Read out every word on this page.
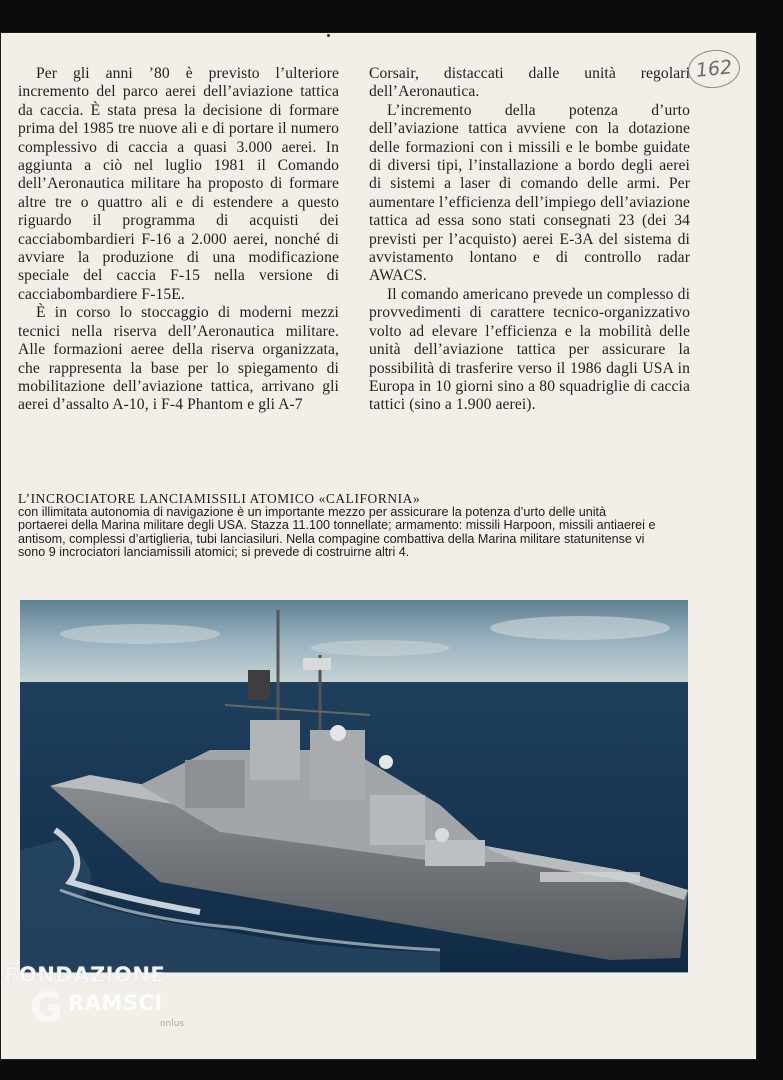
162

Per gli anni ’80 è previsto l’ulteriore incremento del parco aerei dell’aviazione tattica da caccia. È stata presa la decisione di formare prima del 1985 tre nuove ali e di portare il numero complessivo di caccia a quasi 3.000 aerei. In aggiunta a ciò nel luglio 1981 il Comando dell’Aeronautica militare ha proposto di formare altre tre o quattro ali e di estendere a questo riguardo il programma di acquisti dei cacciabombardieri F-16 a 2.000 aerei, nonché di avviare la produzione di una modificazione speciale del caccia F-15 nella versione di cacciabombardiere F-15E.

È in corso lo stoccaggio di moderni mezzi tecnici nella riserva dell’Aeronautica militare. Alle formazioni aeree della riserva organizzata, che rappresenta la base per lo spiegamento di mobilitazione dell’aviazione tattica, arrivano gli aerei d’assalto A-10, i F-4 Phantom e gli A-7

Corsair, distaccati dalle unità regolari dell’Aeronautica.

L’incremento della potenza d’urto dell’aviazione tattica avviene con la dotazione delle formazioni con i missili e le bombe guidate di diversi tipi, l’installazione a bordo degli aerei di sistemi a laser di comando delle armi. Per aumentare l’efficienza dell’impiego dell’aviazione tattica ad essa sono stati consegnati 23 (dei 34 previsti per l’acquisto) aerei E-3A del sistema di avvistamento lontano e di controllo radar AWACS.

Il comando americano prevede un complesso di provvedimenti di carattere tecnico-organizzativo volto ad elevare l’efficienza e la mobilità delle unità dell’aviazione tattica per assicurare la possibilità di trasferire verso il 1986 dagli USA in Europa in 10 giorni sino a 80 squadriglie di caccia tattici (sino a 1.900 aerei).

L’INCROCIATORE LANCIAMISSILI ATOMICO «CALIFORNIA»
con illimitata autonomia di navigazione è un importante mezzo per assicurare la potenza d’urto delle unità portaerei della Marina militare degli USA. Stazza 11.100 tonnellate; armamento: missili Harpoon, missili antiaerei e antisom, complessi d’artiglieria, tubi lanciasiluri. Nella compagine combattiva della Marina militare statunitense vi sono 9 incrociatori lanciamissili atomici; si prevede di costruirne altri 4.
FONDAZIONE
G RAMSCI
onlus
